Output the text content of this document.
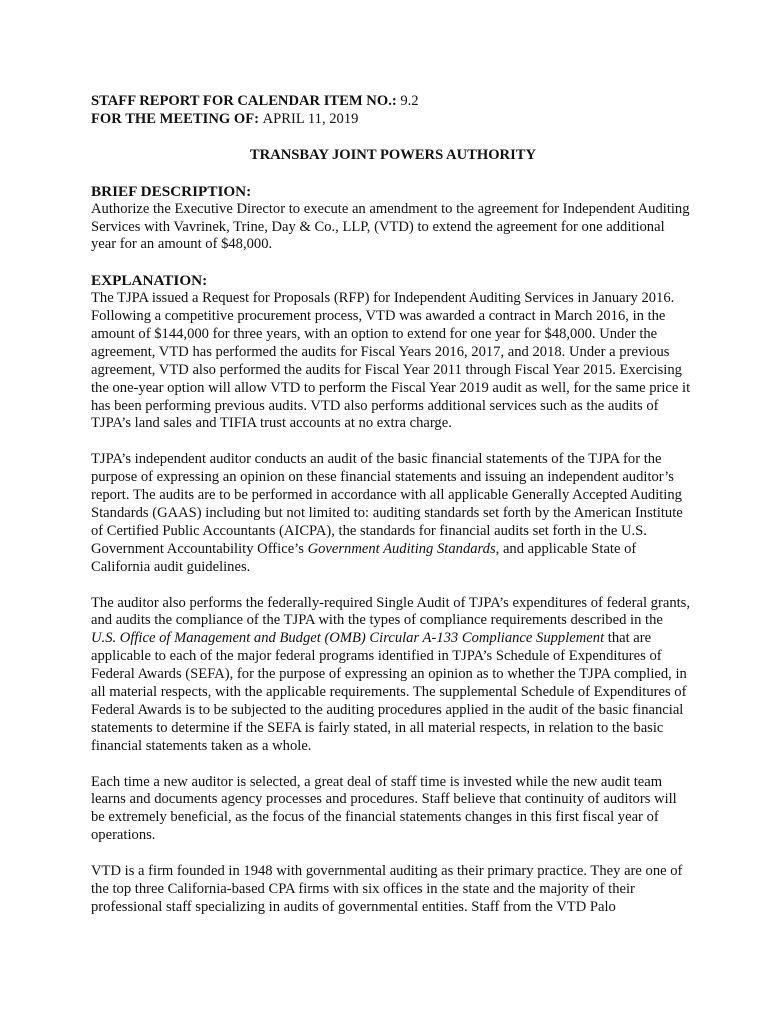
STAFF REPORT FOR CALENDAR ITEM NO.: 9.2
FOR THE MEETING OF: APRIL 11, 2019
TRANSBAY JOINT POWERS AUTHORITY
BRIEF DESCRIPTION:

Authorize the Executive Director to execute an amendment to the agreement for Independent Auditing Services with Vavrinek, Trine, Day & Co., LLP, (VTD) to extend the agreement for one additional year for an amount of $48,000.

EXPLANATION:

The TJPA issued a Request for Proposals (RFP) for Independent Auditing Services in January 2016. Following a competitive procurement process, VTD was awarded a contract in March 2016, in the amount of $144,000 for three years, with an option to extend for one year for $48,000. Under the agreement, VTD has performed the audits for Fiscal Years 2016, 2017, and 2018. Under a previous agreement, VTD also performed the audits for Fiscal Year 2011 through Fiscal Year 2015. Exercising the one-year option will allow VTD to perform the Fiscal Year 2019 audit as well, for the same price it has been performing previous audits. VTD also performs additional services such as the audits of TJPA’s land sales and TIFIA trust accounts at no extra charge.

TJPA’s independent auditor conducts an audit of the basic financial statements of the TJPA for the purpose of expressing an opinion on these financial statements and issuing an independent auditor’s report. The audits are to be performed in accordance with all applicable Generally Accepted Auditing Standards (GAAS) including but not limited to: auditing standards set forth by the American Institute of Certified Public Accountants (AICPA), the standards for financial audits set forth in the U.S. Government Accountability Office’s Government Auditing Standards, and applicable State of California audit guidelines.

The auditor also performs the federally-required Single Audit of TJPA’s expenditures of federal grants, and audits the compliance of the TJPA with the types of compliance requirements described in the U.S. Office of Management and Budget (OMB) Circular A-133 Compliance Supplement that are applicable to each of the major federal programs identified in TJPA’s Schedule of Expenditures of Federal Awards (SEFA), for the purpose of expressing an opinion as to whether the TJPA complied, in all material respects, with the applicable requirements. The supplemental Schedule of Expenditures of Federal Awards is to be subjected to the auditing procedures applied in the audit of the basic financial statements to determine if the SEFA is fairly stated, in all material respects, in relation to the basic financial statements taken as a whole.

Each time a new auditor is selected, a great deal of staff time is invested while the new audit team learns and documents agency processes and procedures. Staff believe that continuity of auditors will be extremely beneficial, as the focus of the financial statements changes in this first fiscal year of operations.

VTD is a firm founded in 1948 with governmental auditing as their primary practice. They are one of the top three California-based CPA firms with six offices in the state and the majority of their professional staff specializing in audits of governmental entities. Staff from the VTD Palo
